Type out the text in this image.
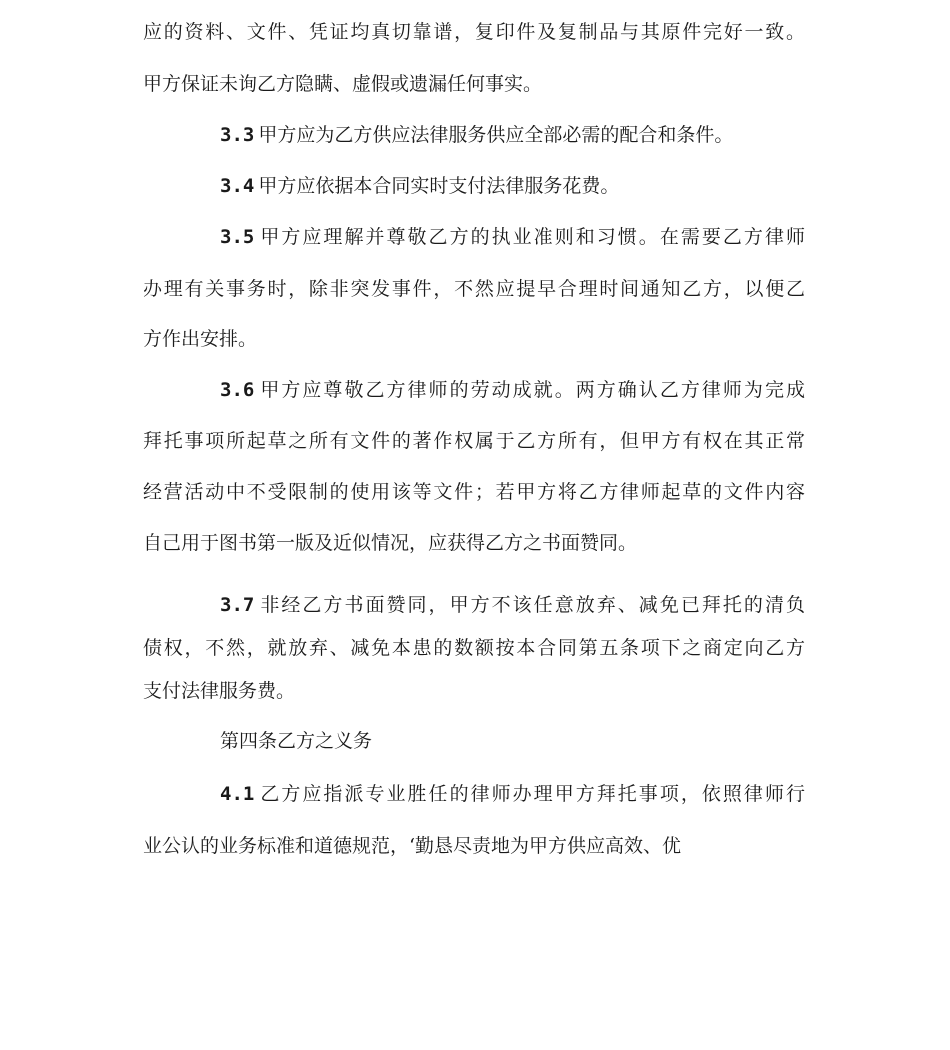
应的资料、文件、凭证均真切靠谱，复印件及复制品与其原件完好一致。
甲方保证未询乙方隐瞒、虚假或遗漏任何事实。
3.3 甲方应为乙方供应法律服务供应全部必需的配合和条件。
3.4 甲方应依据本合同实时支付法律服务花费。
3.5 甲方应理解并尊敬乙方的执业准则和习惯。在需要乙方律师
办理有关事务时，除非突发事件，不然应提早合理时间通知乙方，以便乙
方作出安排。
3.6 甲方应尊敬乙方律师的劳动成就。两方确认乙方律师为完成
拜托事项所起草之所有文件的著作权属于乙方所有，但甲方有权在其正常
经营活动中不受限制的使用该等文件；若甲方将乙方律师起草的文件内容
自己用于图书第一版及近似情况，应获得乙方之书面赞同。
3.7 非经乙方书面赞同，甲方不该任意放弃、减免已拜托的清负
债权，不然，就放弃、减免本患的数额按本合同第五条项下之商定向乙方
支付法律服务费。
第四条乙方之义务
4.1 乙方应指派专业胜任的律师办理甲方拜托事项，依照律师行
业公认的业务标准和道德规范，‘勤恳尽责地为甲方供应高效、优
